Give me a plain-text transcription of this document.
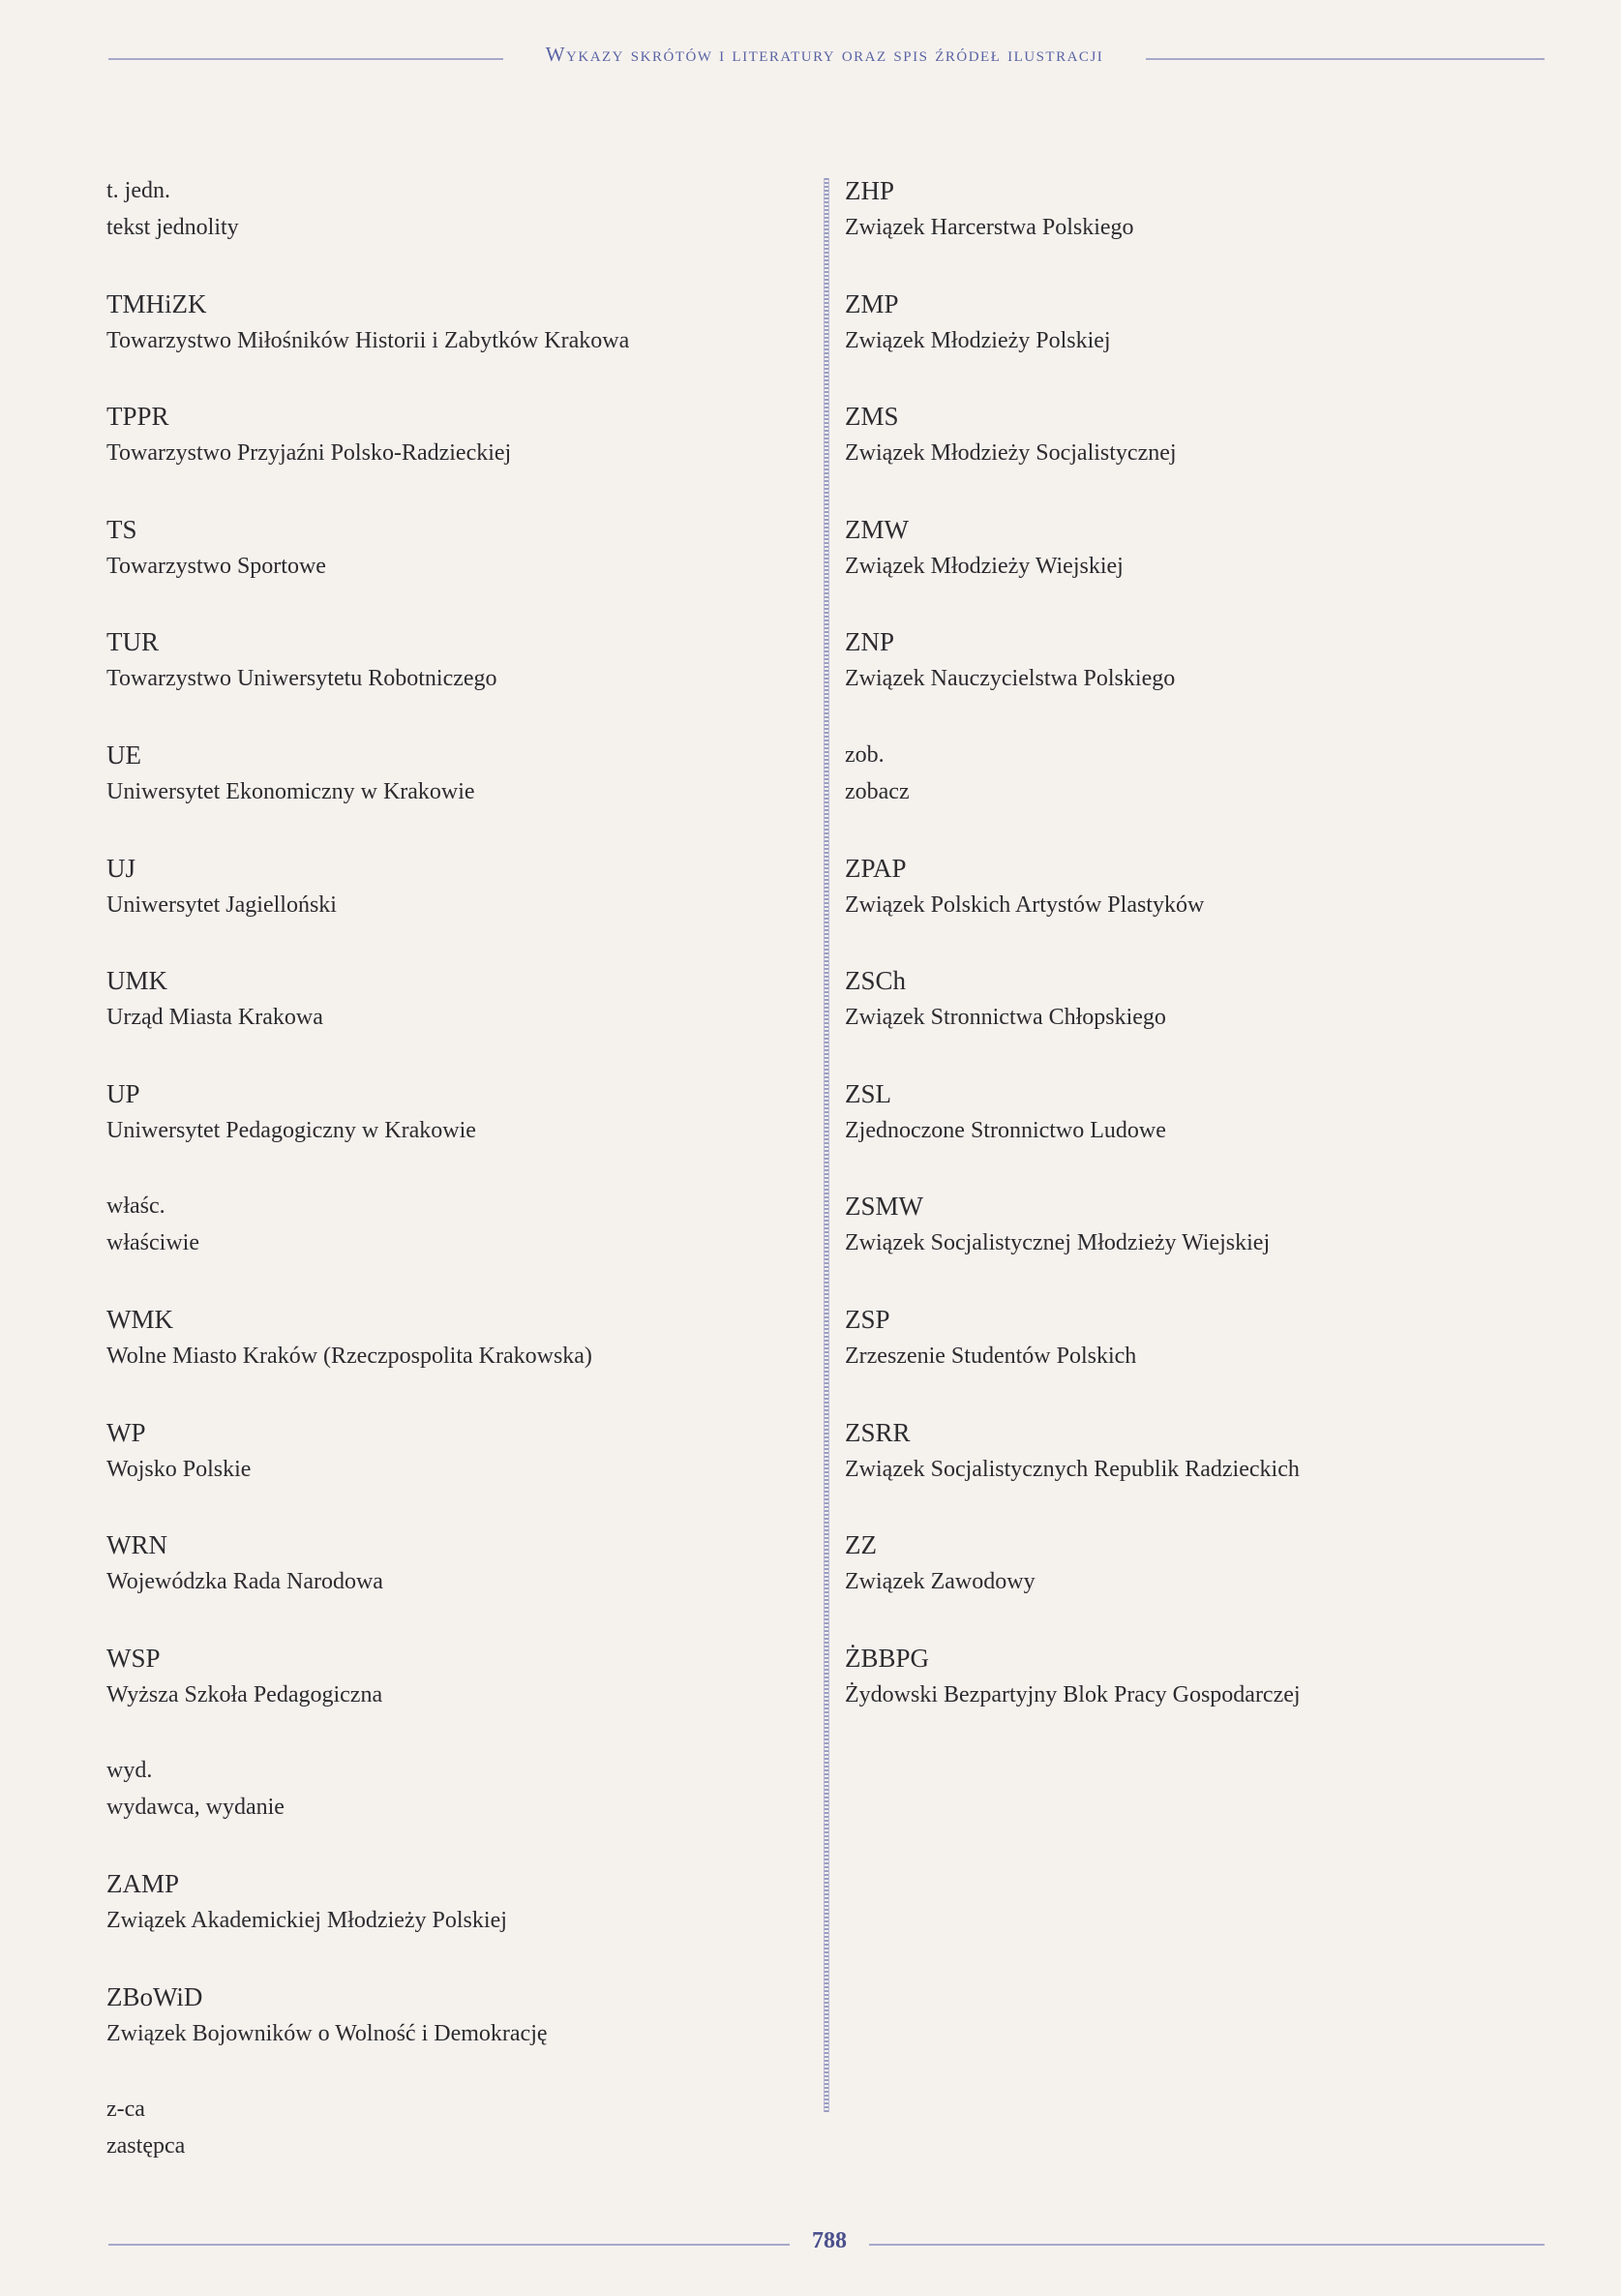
Wykazy skrótów i literatury oraz spis źródeł ilustracji
t. jedn.
tekst jednolity
TMHiZK
Towarzystwo Miłośników Historii i Zabytków Krakowa
TPPR
Towarzystwo Przyjaźni Polsko-Radzieckiej
TS
Towarzystwo Sportowe
TUR
Towarzystwo Uniwersytetu Robotniczego
UE
Uniwersytet Ekonomiczny w Krakowie
UJ
Uniwersytet Jagielloński
UMK
Urząd Miasta Krakowa
UP
Uniwersytet Pedagogiczny w Krakowie
właśc.
właściwie
WMK
Wolne Miasto Kraków (Rzeczpospolita Krakowska)
WP
Wojsko Polskie
WRN
Wojewódzka Rada Narodowa
WSP
Wyższa Szkoła Pedagogiczna
wyd.
wydawca, wydanie
ZAMP
Związek Akademickiej Młodzieży Polskiej
ZBoWiD
Związek Bojowników o Wolność i Demokrację
z-ca
zastępca
ZHP
Związek Harcerstwa Polskiego
ZMP
Związek Młodzieży Polskiej
ZMS
Związek Młodzieży Socjalistycznej
ZMW
Związek Młodzieży Wiejskiej
ZNP
Związek Nauczycielstwa Polskiego
zob.
zobacz
ZPAP
Związek Polskich Artystów Plastyków
ZSCh
Związek Stronnictwa Chłopskiego
ZSL
Zjednoczone Stronnictwo Ludowe
ZSMW
Związek Socjalistycznej Młodzieży Wiejskiej
ZSP
Zrzeszenie Studentów Polskich
ZSRR
Związek Socjalistycznych Republik Radzieckich
ZZ
Związek Zawodowy
ŻBBPG
Żydowski Bezpartyjny Blok Pracy Gospodarczej
788
